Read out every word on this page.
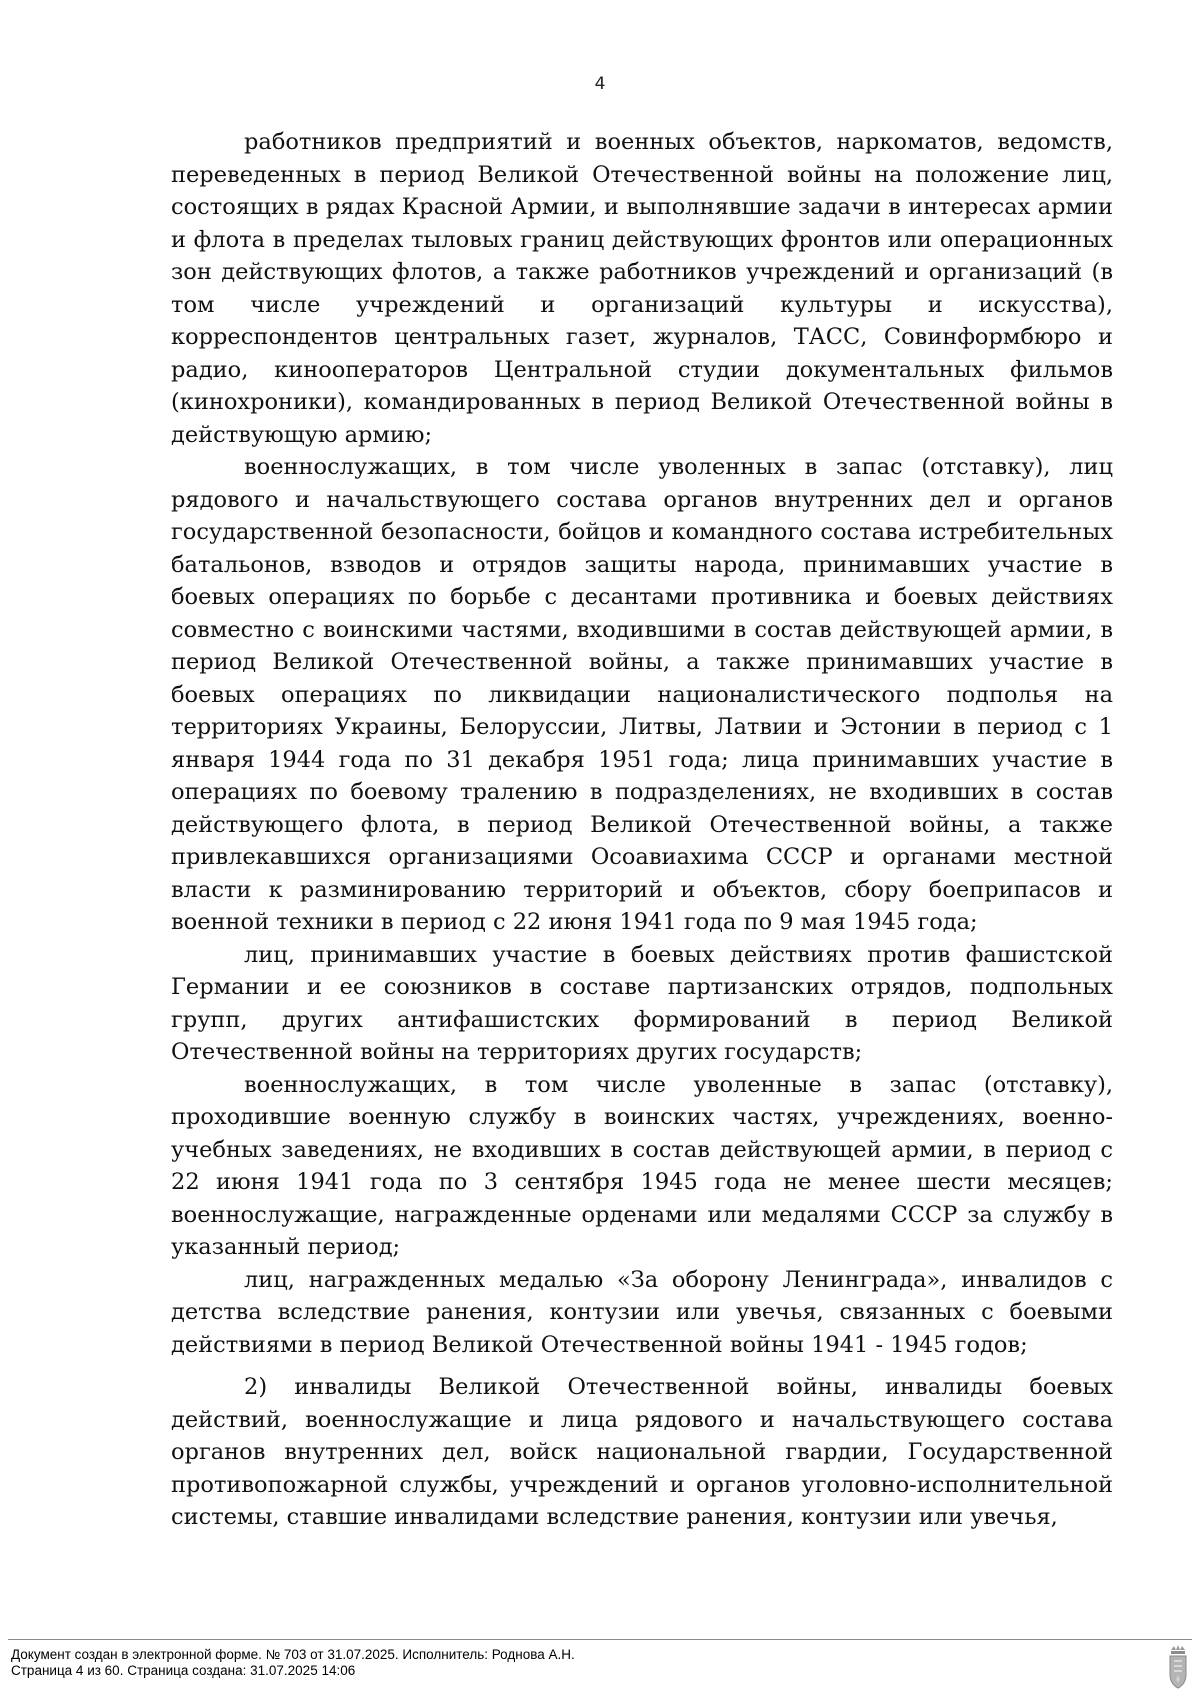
4

работников предприятий и военных объектов, наркоматов, ведомств, переведенных в период Великой Отечественной войны на положение лиц, состоящих в рядах Красной Армии, и выполнявшие задачи в интересах армии и флота в пределах тыловых границ действующих фронтов или операционных зон действующих флотов, а также работников учреждений и организаций (в том числе учреждений и организаций культуры и искусства), корреспондентов центральных газет, журналов, ТАСС, Совинформбюро и радио, кинооператоров Центральной студии документальных фильмов (кинохроники), командированных в период Великой Отечественной войны в действующую армию;

военнослужащих, в том числе уволенных в запас (отставку), лиц рядового и начальствующего состава органов внутренних дел и органов государственной безопасности, бойцов и командного состава истребительных батальонов, взводов и отрядов защиты народа, принимавших участие в боевых операциях по борьбе с десантами противника и боевых действиях совместно с воинскими частями, входившими в состав действующей армии, в период Великой Отечественной войны, а также принимавших участие в боевых операциях по ликвидации националистического подполья на территориях Украины, Белоруссии, Литвы, Латвии и Эстонии в период с 1 января 1944 года по 31 декабря 1951 года; лица принимавших участие в операциях по боевому тралению в подразделениях, не входивших в состав действующего флота, в период Великой Отечественной войны, а также привлекавшихся организациями Осоавиахима СССР и органами местной власти к разминированию территорий и объектов, сбору боеприпасов и военной техники в период с 22 июня 1941 года по 9 мая 1945 года;

лиц, принимавших участие в боевых действиях против фашистской Германии и ее союзников в составе партизанских отрядов, подпольных групп, других антифашистских формирований в период Великой Отечественной войны на территориях других государств;

военнослужащих, в том числе уволенные в запас (отставку), проходившие военную службу в воинских частях, учреждениях, военно-учебных заведениях, не входивших в состав действующей армии, в период с 22 июня 1941 года по 3 сентября 1945 года не менее шести месяцев; военнослужащие, награжденные орденами или медалями СССР за службу в указанный период;

лиц, награжденных медалью «За оборону Ленинграда», инвалидов с детства вследствие ранения, контузии или увечья, связанных с боевыми действиями в период Великой Отечественной войны 1941 - 1945 годов;

2) инвалиды Великой Отечественной войны, инвалиды боевых действий, военнослужащие и лица рядового и начальствующего состава органов внутренних дел, войск национальной гвардии, Государственной противопожарной службы, учреждений и органов уголовно-исполнительной системы, ставшие инвалидами вследствие ранения, контузии или увечья,

Документ создан в электронной форме. № 703 от 31.07.2025. Исполнитель: Роднова А.Н.
Страница 4 из 60. Страница создана: 31.07.2025 14:06
